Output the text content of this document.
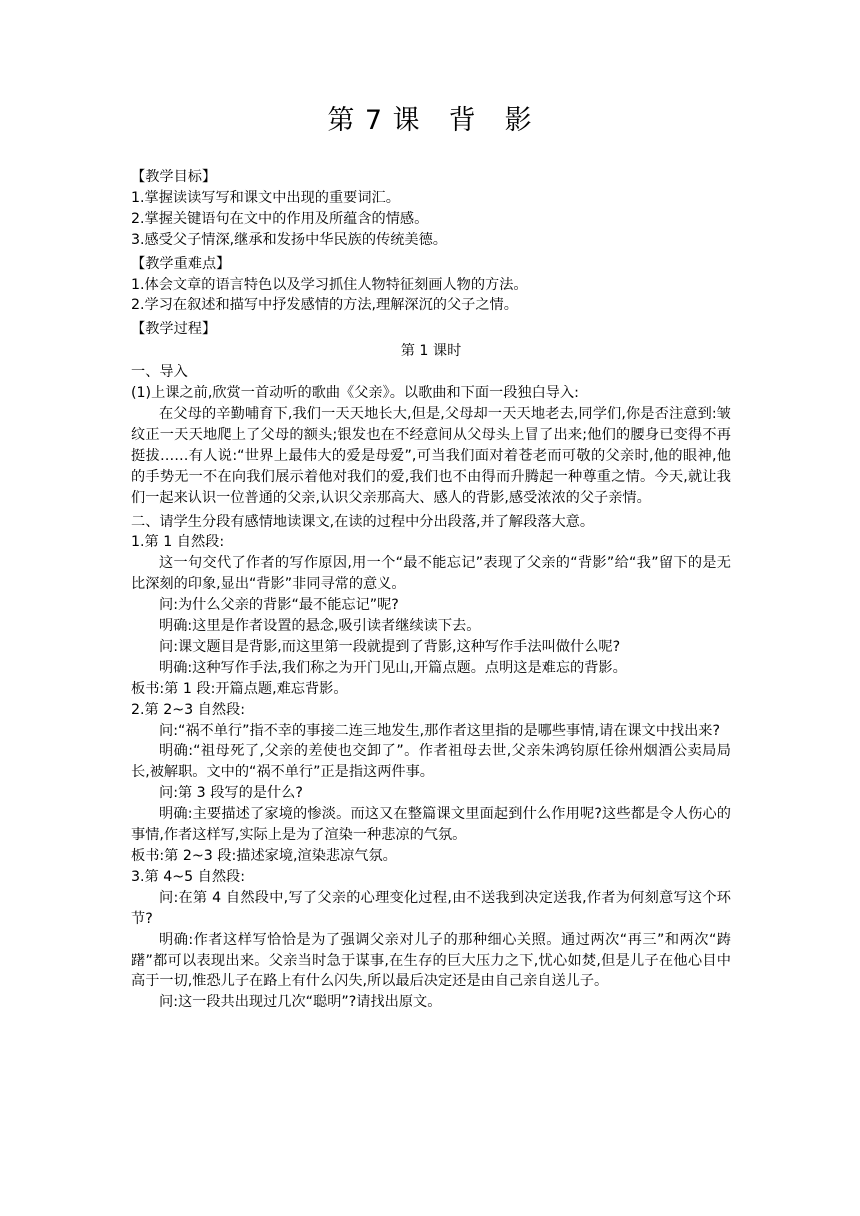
第 7 课　背　影

【教学目标】

1.掌握读读写写和课文中出现的重要词汇。

2.掌握关键语句在文中的作用及所蕴含的情感。

3.感受父子情深,继承和发扬中华民族的传统美德。

【教学重难点】

1.体会文章的语言特色以及学习抓住人物特征刻画人物的方法。

2.学习在叙述和描写中抒发感情的方法,理解深沉的父子之情。

【教学过程】

第 1 课时

一、导入

(1)上课之前,欣赏一首动听的歌曲《父亲》。以歌曲和下面一段独白导入:

在父母的辛勤哺育下,我们一天天地长大,但是,父母却一天天地老去,同学们,你是否注意到:皱纹正一天天地爬上了父母的额头;银发也在不经意间从父母头上冒了出来;他们的腰身已变得不再挺拔……有人说:“世界上最伟大的爱是母爱”,可当我们面对着苍老而可敬的父亲时,他的眼神,他的手势无一不在向我们展示着他对我们的爱,我们也不由得而升腾起一种尊重之情。今天,就让我们一起来认识一位普通的父亲,认识父亲那高大、感人的背影,感受浓浓的父子亲情。

二、请学生分段有感情地读课文,在读的过程中分出段落,并了解段落大意。

1.第 1 自然段:

这一句交代了作者的写作原因,用一个“最不能忘记”表现了父亲的“背影”给“我”留下的是无比深刻的印象,显出“背影”非同寻常的意义。

问:为什么父亲的背影“最不能忘记”呢?

明确:这里是作者设置的悬念,吸引读者继续读下去。

问:课文题目是背影,而这里第一段就提到了背影,这种写作手法叫做什么呢?

明确:这种写作手法,我们称之为开门见山,开篇点题。点明这是难忘的背影。

板书:第 1 段:开篇点题,难忘背影。

2.第 2~3 自然段:

问:“祸不单行”指不幸的事接二连三地发生,那作者这里指的是哪些事情,请在课文中找出来?

明确:“祖母死了,父亲的差使也交卸了”。作者祖母去世,父亲朱鸿钧原任徐州烟酒公卖局局长,被解职。文中的“祸不单行”正是指这两件事。

问:第 3 段写的是什么?

明确:主要描述了家境的惨淡。而这又在整篇课文里面起到什么作用呢?这些都是令人伤心的事情,作者这样写,实际上是为了渲染一种悲凉的气氛。

板书:第 2~3 段:描述家境,渲染悲凉气氛。

3.第 4~5 自然段:

问:在第 4 自然段中,写了父亲的心理变化过程,由不送我到决定送我,作者为何刻意写这个环节?

明确:作者这样写恰恰是为了强调父亲对儿子的那种细心关照。通过两次“再三”和两次“踌躇”都可以表现出来。父亲当时急于谋事,在生存的巨大压力之下,忧心如焚,但是儿子在他心目中高于一切,惟恐儿子在路上有什么闪失,所以最后决定还是由自己亲自送儿子。

问:这一段共出现过几次“聪明”?请找出原文。
